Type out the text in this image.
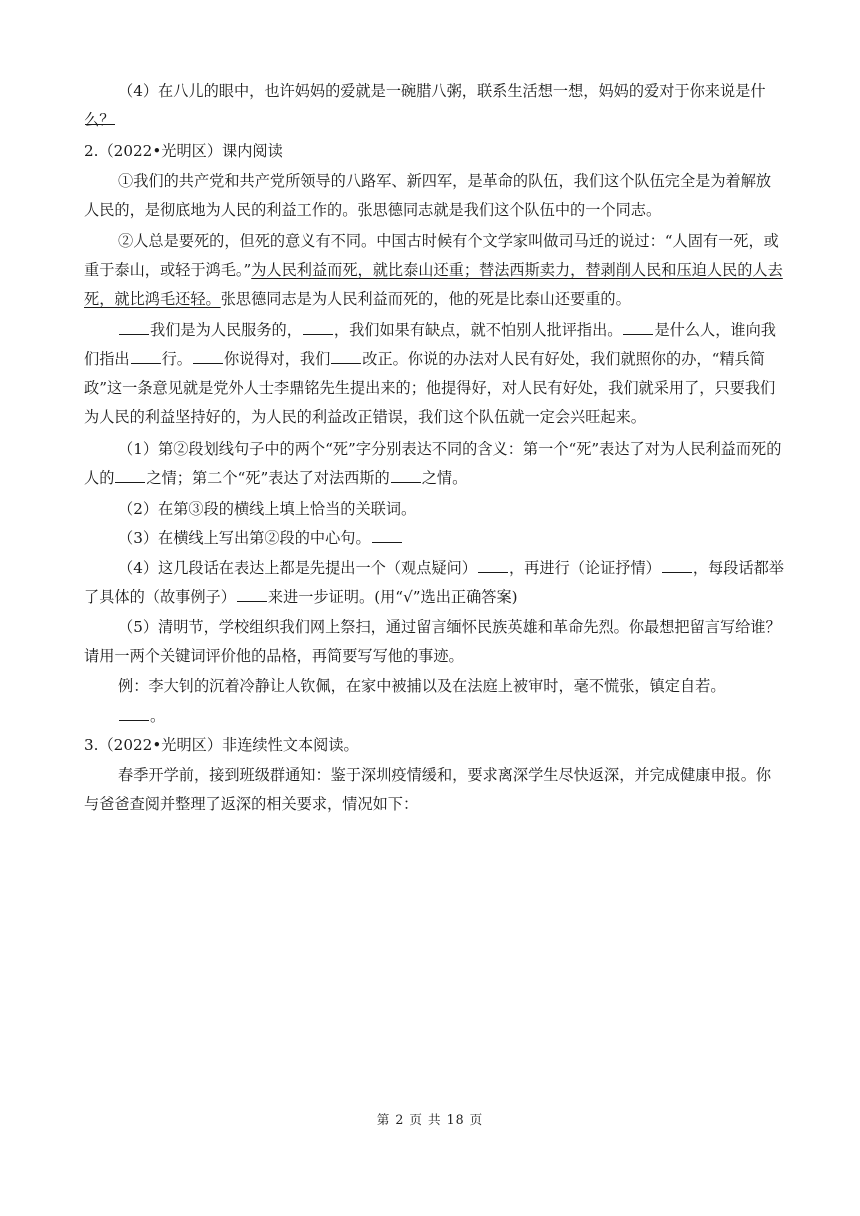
（4）在八儿的眼中，也许妈妈的爱就是一碗腊八粥，联系生活想一想，妈妈的爱对于你来说是什么？

2.（2022•光明区）课内阅读

①我们的共产党和共产党所领导的八路军、新四军，是革命的队伍，我们这个队伍完全是为着解放人民的，是彻底地为人民的利益工作的。张思德同志就是我们这个队伍中的一个同志。

②人总是要死的，但死的意义有不同。中国古时候有个文学家叫做司马迁的说过：“人固有一死，或重于泰山，或轻于鸿毛。”为人民利益而死，就比泰山还重；替法西斯卖力，替剥削人民和压迫人民的人去死，就比鸿毛还轻。张思德同志是为人民利益而死的，他的死是比泰山还要重的。

我们是为人民服务的， ，我们如果有缺点，就不怕别人批评指出。 是什么人，谁向我们指出 行。 你说得对，我们 改正。你说的办法对人民有好处，我们就照你的办，“精兵简政”这一条意见就是党外人士李鼎铭先生提出来的；他提得好，对人民有好处，我们就采用了，只要我们为人民的利益坚持好的，为人民的利益改正错误，我们这个队伍就一定会兴旺起来。

（1）第②段划线句子中的两个“死”字分别表达不同的含义：第一个“死”表达了对为人民利益而死的人的 之情；第二个“死”表达了对法西斯的 之情。

（2）在第③段的横线上填上恰当的关联词。

（3）在横线上写出第②段的中心句。

（4）这几段话在表达上都是先提出一个（观点疑问） ，再进行（论证抒情） ，每段话都举了具体的（故事例子） 来进一步证明。(用“√”选出正确答案)

（5）清明节，学校组织我们网上祭扫，通过留言缅怀民族英雄和革命先烈。你最想把留言写给谁？请用一两个关键词评价他的品格，再简要写写他的事迹。

例：李大钊的沉着冷静让人钦佩，在家中被捕以及在法庭上被审时，毫不慌张，镇定自若。

。

3.（2022•光明区）非连续性文本阅读。

春季开学前，接到班级群通知：鉴于深圳疫情缓和，要求离深学生尽快返深，并完成健康申报。你与爸爸查阅并整理了返深的相关要求，情况如下：

第 2 页 共 18 页
